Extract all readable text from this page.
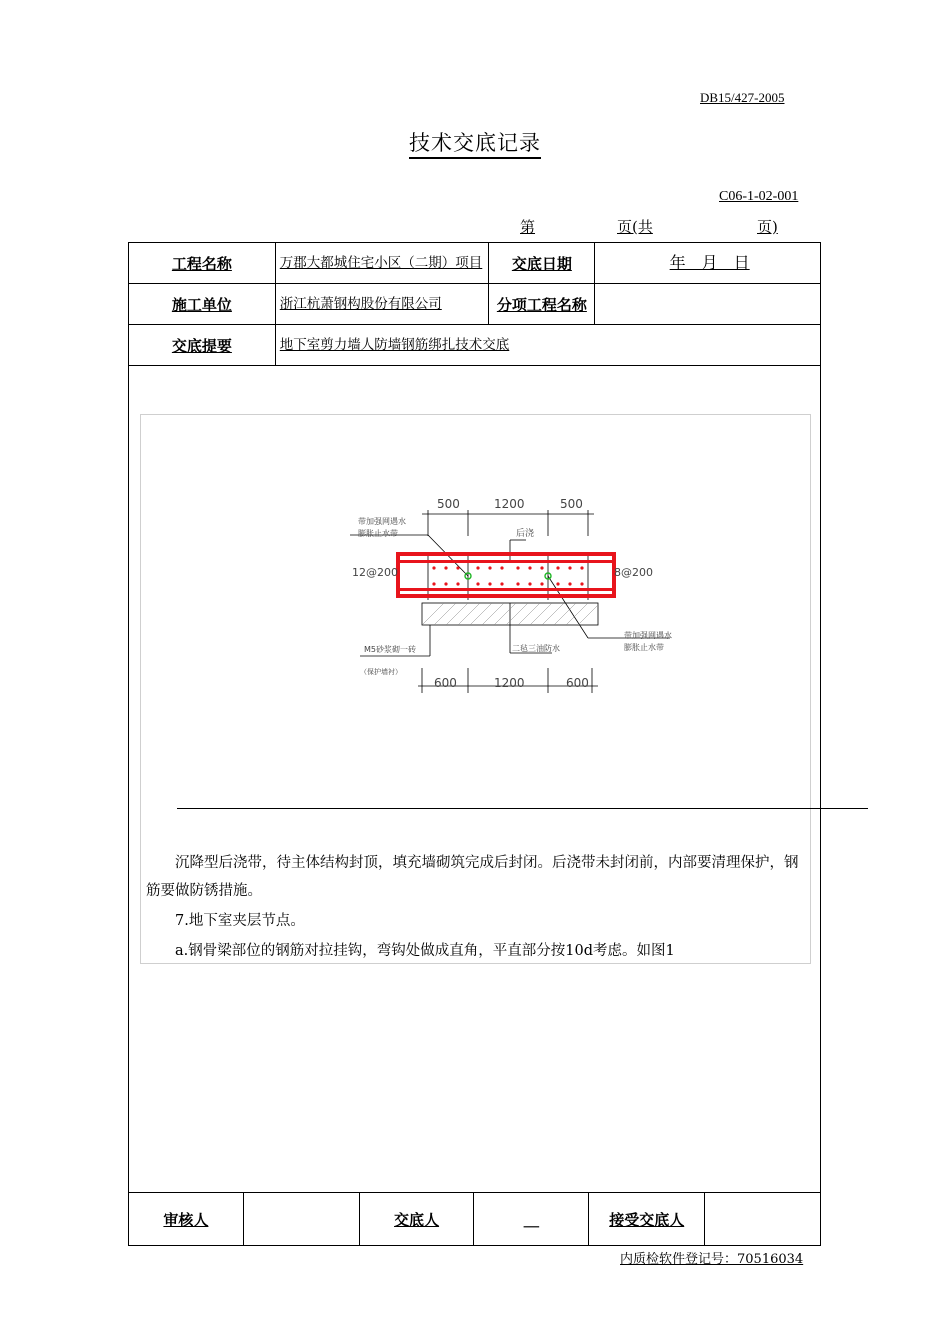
DB15/427-2005
技术交底记录
C06-1-02-001
第	页(共	页)
工程名称	万郡大都城住宅小区（二期）项目	交底日期	年　月　日
施工单位	浙江杭萧钢构股份有限公司	分项工程名称	
交底提要	地下室剪力墙人防墙钢筋绑扎技术交底		
500	1200	500
600	1200	600
12@200	8@200
后浇
带加强网遇水
膨胀止水带
带加强网遇水
膨胀止水带
M5砂浆砌一砖
（保护墙衬）
二毡三油防水
沉降型后浇带，待主体结构封顶，填充墙砌筑完成后封闭。后浇带未封闭前，内部要清理保护，钢筋要做防锈措施。
7.地下室夹层节点。
a.钢骨梁部位的钢筋对拉挂钩，弯钩处做成直角，平直部分按10d考虑。如图1
审核人		交底人	＿	接受交底人	
内质检软件登记号：70516034
